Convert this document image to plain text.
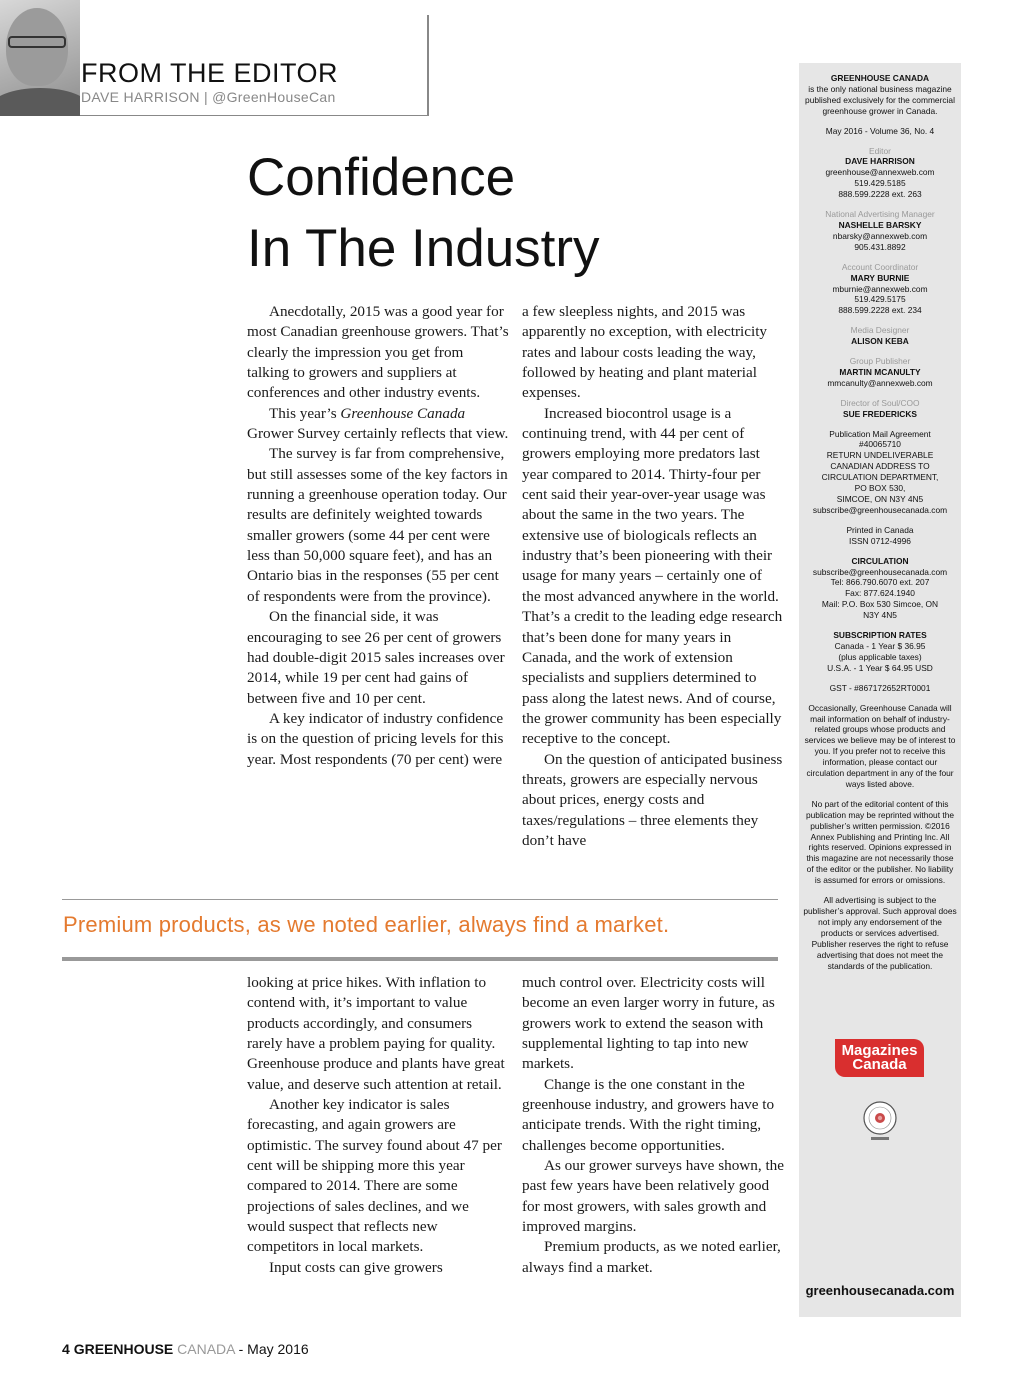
FROM THE EDITOR
DAVE HARRISON | @GreenHouseCan
Confidence
In The Industry

Anecdotally, 2015 was a good year for most Canadian greenhouse growers. That’s clearly the impression you get from talking to growers and suppliers at conferences and other industry events.

This year’s Greenhouse Canada Grower Survey certainly reflects that view.

The survey is far from comprehensive, but still assesses some of the key factors in running a greenhouse operation today. Our results are definitely weighted towards smaller growers (some 44 per cent were less than 50,000 square feet), and has an Ontario bias in the responses (55 per cent of respondents were from the province).

On the financial side, it was encouraging to see 26 per cent of growers had double-digit 2015 sales increases over 2014, while 19 per cent had gains of between five and 10 per cent.

A key indicator of industry confidence is on the question of pricing levels for this year. Most respondents (70 per cent) were

a few sleepless nights, and 2015 was apparently no exception, with electricity rates and labour costs leading the way, followed by heating and plant material expenses.

Increased biocontrol usage is a continuing trend, with 44 per cent of growers employing more predators last year compared to 2014. Thirty-four per cent said their year-over-year usage was about the same in the two years. The extensive use of biologicals reflects an industry that’s been pioneering with their usage for many years – certainly one of the most advanced anywhere in the world. That’s a credit to the leading edge research that’s been done for many years in Canada, and the work of extension specialists and suppliers determined to pass along the latest news. And of course, the grower community has been especially receptive to the concept.

On the question of anticipated business threats, growers are especially nervous about prices, energy costs and taxes/regulations – three elements they don’t have

Premium products, as we noted earlier, always find a market.

looking at price hikes. With inflation to contend with, it’s important to value products accordingly, and consumers rarely have a problem paying for quality. Greenhouse produce and plants have great value, and deserve such attention at retail.

Another key indicator is sales forecasting, and again growers are optimistic. The survey found about 47 per cent will be shipping more this year compared to 2014. There are some projections of sales declines, and we would suspect that reflects new competitors in local markets.

Input costs can give growers

much control over. Electricity costs will become an even larger worry in future, as growers work to extend the season with supplemental lighting to tap into new markets.

Change is the one constant in the greenhouse industry, and growers have to anticipate trends. With the right timing, challenges become opportunities.

As our grower surveys have shown, the past few years have been relatively good for most growers, with sales growth and improved margins.

Premium products, as we noted earlier, always find a market.

GREENHOUSE CANADA
is the only national business magazine published exclusively for the commercial greenhouse grower in Canada.
May 2016 - Volume 36, No. 4
Editor
DAVE HARRISON
greenhouse@annexweb.com
519.429.5185
888.599.2228 ext. 263
National Advertising Manager
NASHELLE BARSKY
nbarsky@annexweb.com
905.431.8892
Account Coordinator
MARY BURNIE
mburnie@annexweb.com
519.429.5175
888.599.2228 ext. 234
Media Designer
ALISON KEBA
Group Publisher
MARTIN MCANULTY
mmcanulty@annexweb.com
Director of Soul/COO
SUE FREDERICKS
Publication Mail Agreement
#40065710
RETURN UNDELIVERABLE
CANADIAN ADDRESS TO
CIRCULATION DEPARTMENT,
PO BOX 530,
SIMCOE, ON N3Y 4N5
subscribe@greenhousecanada.com
Printed in Canada
ISSN 0712-4996
CIRCULATION
subscribe@greenhousecanada.com
Tel: 866.790.6070 ext. 207
Fax: 877.624.1940
Mail: P.O. Box 530 Simcoe, ON
N3Y 4N5
SUBSCRIPTION RATES
Canada - 1 Year $ 36.95
(plus applicable taxes)
U.S.A. - 1 Year $ 64.95 USD
GST - #867172652RT0001
Occasionally, Greenhouse Canada will mail information on behalf of industry-related groups whose products and services we believe may be of interest to you. If you prefer not to receive this information, please contact our circulation department in any of the four ways listed above.
No part of the editorial content of this publication may be reprinted without the publisher’s written permission. ©2016 Annex Publishing and Printing Inc. All rights reserved. Opinions expressed in this magazine are not necessarily those of the editor or the publisher. No liability is assumed for errors or omissions.
All advertising is subject to the publisher’s approval. Such approval does not imply any endorsement of the products or services advertised. Publisher reserves the right to refuse advertising that does not meet the standards of the publication.
Magazines
Canada
greenhousecanada.com
4 GREENHOUSE CANADA - May 2016
